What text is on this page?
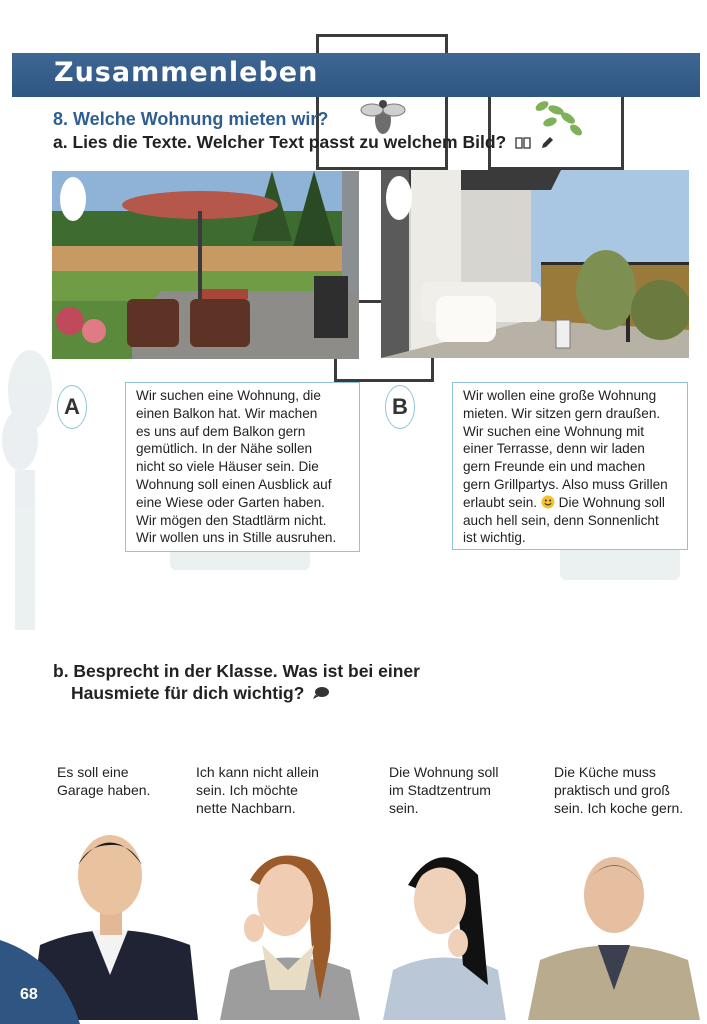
Zusammenleben
8. Welche Wohnung mieten wir?
a. Lies die Texte. Welcher Text passt zu welchem Bild?
A	B
Wir suchen eine Wohnung, die
einen Balkon hat. Wir machen
es uns auf dem Balkon gern
gemütlich. In der Nähe sollen
nicht so viele Häuser sein. Die
Wohnung soll einen Ausblick auf
eine Wiese oder Garten haben.
Wir mögen den Stadtlärm nicht.
Wir wollen uns in Stille ausruhen.
Wir wollen eine große Wohnung
mieten. Wir sitzen gern draußen.
Wir suchen eine Wohnung mit
einer Terrasse, denn wir laden
gern Freunde ein und machen
gern Grillpartys. Also muss Grillen
erlaubt sein. Die Wohnung soll
auch hell sein, denn Sonnenlicht
ist wichtig.
b. Besprecht in der Klasse. Was ist bei einer
Hausmiete für dich wichtig?
Es soll eine
Garage haben.
Ich kann nicht allein
sein. Ich möchte
nette Nachbarn.
Die Wohnung soll
im Stadtzentrum
sein.
Die Küche muss
praktisch und groß
sein. Ich koche gern.
68
